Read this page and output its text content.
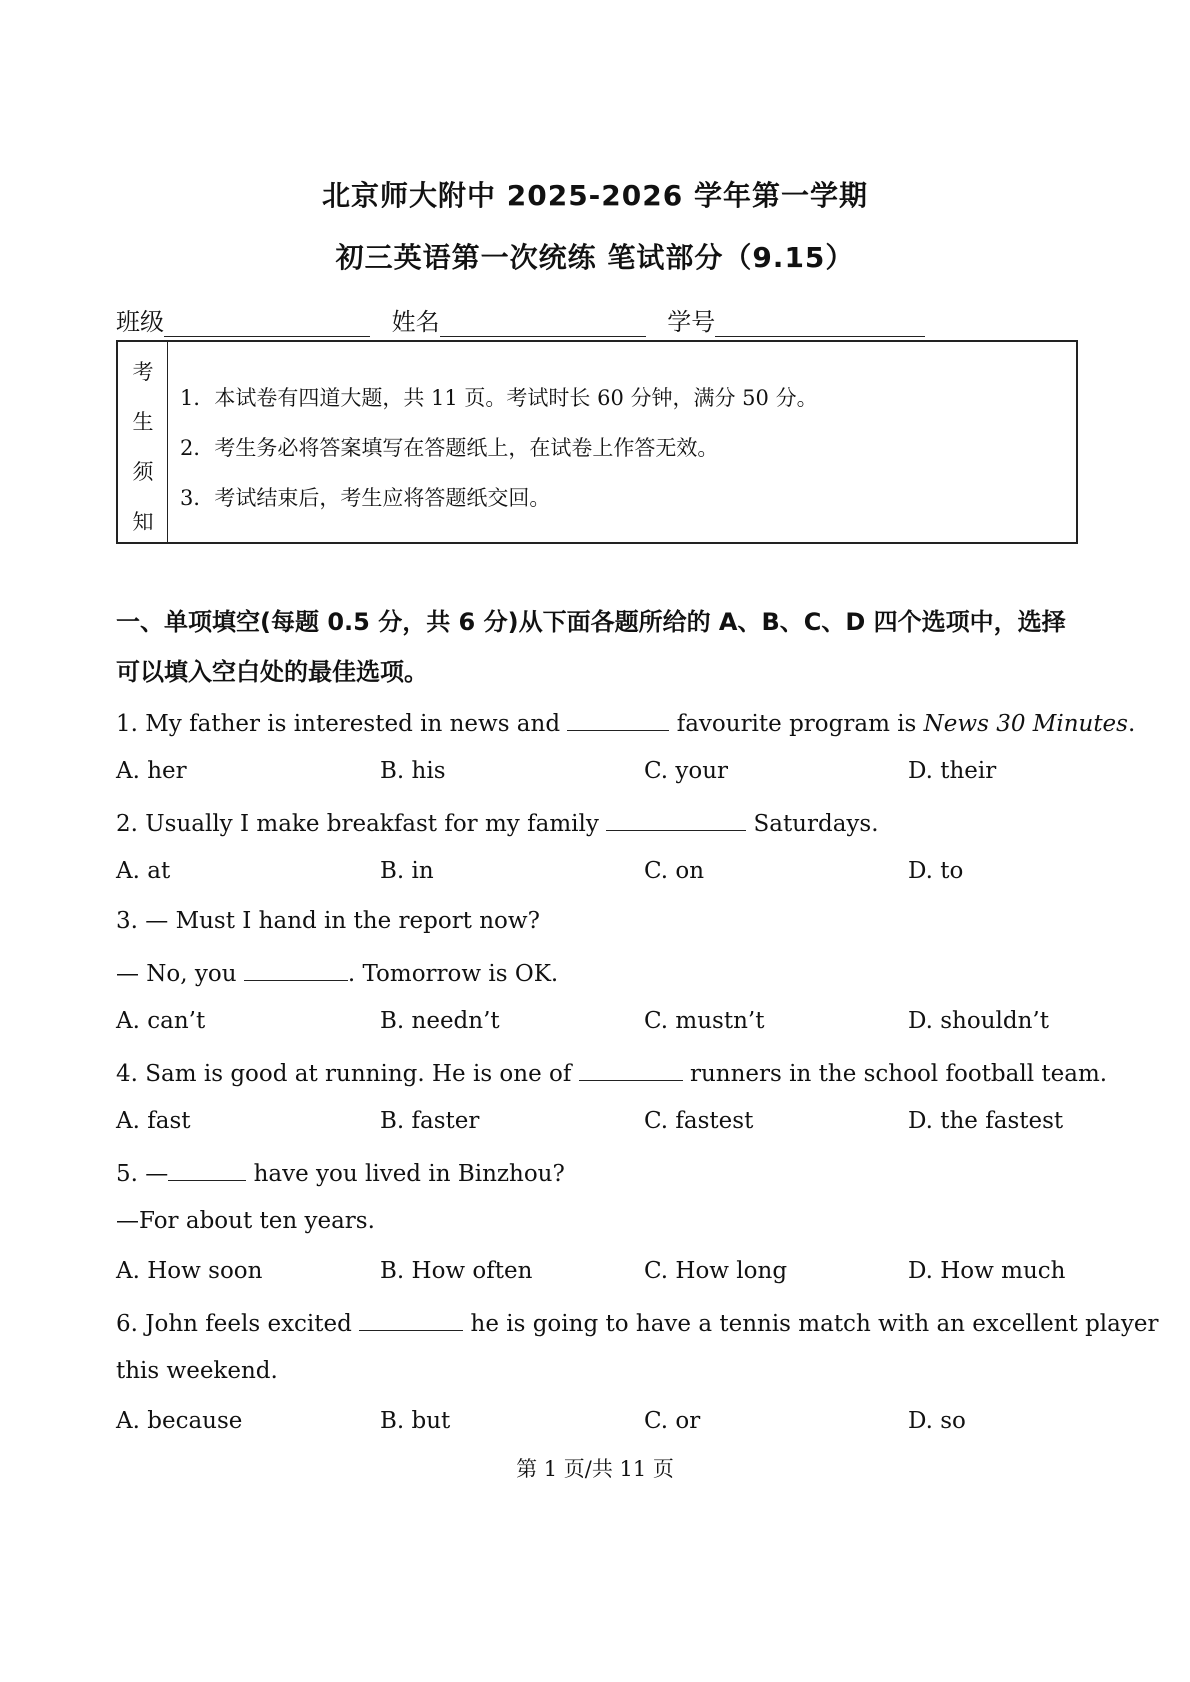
北京师大附中 2025-2026 学年第一学期
初三英语第一次统练 笔试部分（9.15）
班级	姓名	学号
考
生
须
知
1．本试卷有四道大题，共 11 页。考试时长 60 分钟，满分 50 分。
2．考生务必将答案填写在答题纸上，在试卷上作答无效。
3．考试结束后，考生应将答题纸交回。
一、单项填空(每题 0.5 分，共 6 分)从下面各题所给的 A、B、C、D 四个选项中，选择
可以填入空白处的最佳选项。
1. My father is interested in news and	favourite program is News 30 Minutes.
A. her	B. his	C. your	D. their
2. Usually I make breakfast for my family	Saturdays.
A. at	B. in	C. on	D. to
3. — Must I hand in the report now?
— No, you	. Tomorrow is OK.
A. can’t	B. needn’t	C. mustn’t	D. shouldn’t
4. Sam is good at running. He is one of	runners in the school football team.
A. fast	B. faster	C. fastest	D. the fastest
5. —	have you lived in Binzhou?
—For about ten years.
A. How soon	B. How often	C. How long	D. How much
6. John feels excited	he is going to have a tennis match with an excellent player
this weekend.
A. because	B. but	C. or	D. so
第 1 页/共 11 页
